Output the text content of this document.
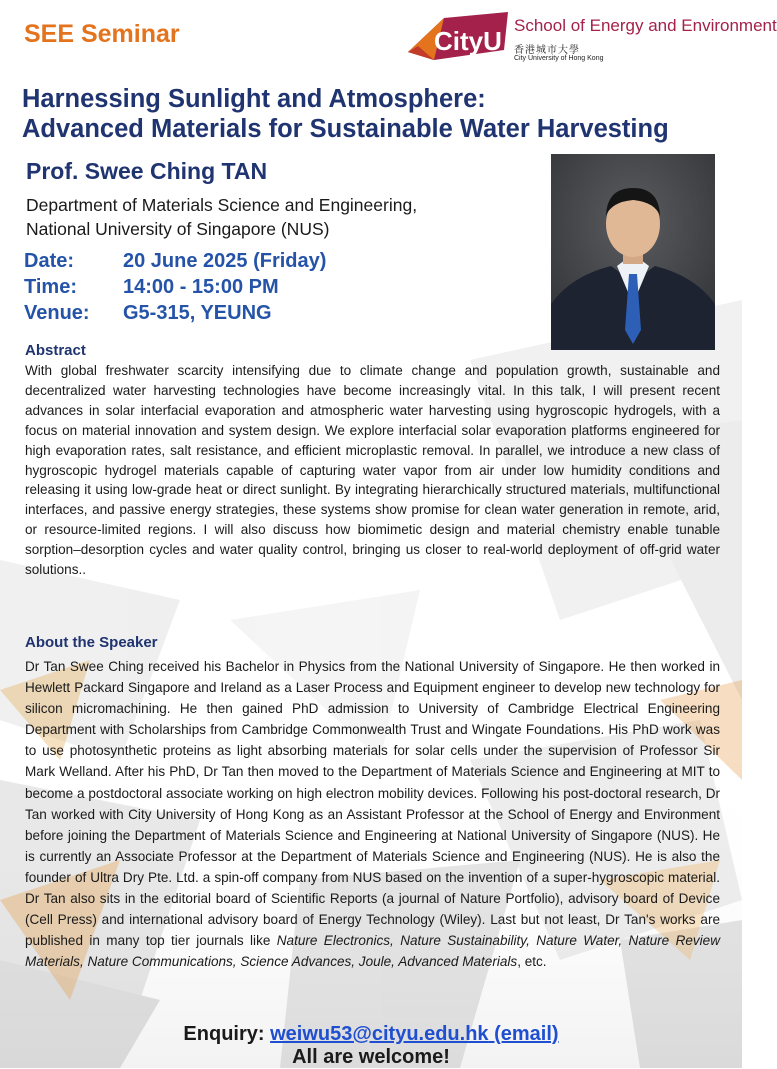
SEE Seminar	CityU
School of Energy and Environment
香港城市大學
City University of Hong Kong
Harnessing Sunlight and Atmosphere:
Advanced Materials for Sustainable Water Harvesting
Prof. Swee Ching TAN
Department of Materials Science and Engineering,
National University of Singapore (NUS)
Date: 20 June 2025 (Friday)
Time: 14:00 - 15:00 PM
Venue: G5-315, YEUNG
Abstract
With global freshwater scarcity intensifying due to climate change and population growth, sustainable and decentralized water harvesting technologies have become increasingly vital. In this talk, I will present recent advances in solar interfacial evaporation and atmospheric water harvesting using hygroscopic hydrogels, with a focus on material innovation and system design. We explore interfacial solar evaporation platforms engineered for high evaporation rates, salt resistance, and efficient microplastic removal. In parallel, we introduce a new class of hygroscopic hydrogel materials capable of capturing water vapor from air under low humidity conditions and releasing it using low-grade heat or direct sunlight. By integrating hierarchically structured materials, multifunctional interfaces, and passive energy strategies, these systems show promise for clean water generation in remote, arid, or resource-limited regions. I will also discuss how biomimetic design and material chemistry enable tunable sorption–desorption cycles and water quality control, bringing us closer to real-world deployment of off-grid water solutions..
About the Speaker
Dr Tan Swee Ching received his Bachelor in Physics from the National University of Singapore. He then worked in Hewlett Packard Singapore and Ireland as a Laser Process and Equipment engineer to develop new technology for silicon micromachining. He then gained PhD admission to University of Cambridge Electrical Engineering Department with Scholarships from Cambridge Commonwealth Trust and Wingate Foundations. His PhD work was to use photosynthetic proteins as light absorbing materials for solar cells under the supervision of Professor Sir Mark Welland. After his PhD, Dr Tan then moved to the Department of Materials Science and Engineering at MIT to become a postdoctoral associate working on high electron mobility devices. Following his post-doctoral research, Dr Tan worked with City University of Hong Kong as an Assistant Professor at the School of Energy and Environment before joining the Department of Materials Science and Engineering at National University of Singapore (NUS). He is currently an Associate Professor at the Department of Materials Science and Engineering (NUS). He is also the founder of Ultra Dry Pte. Ltd. a spin-off company from NUS based on the invention of a super-hygroscopic material. Dr Tan also sits in the editorial board of Scientific Reports (a journal of Nature Portfolio), advisory board of Device (Cell Press) and international advisory board of Energy Technology (Wiley). Last but not least, Dr Tan's works are published in many top tier journals like Nature Electronics, Nature Sustainability, Nature Water, Nature Review Materials, Nature Communications, Science Advances, Joule, Advanced Materials, etc.
Enquiry: weiwu53@cityu.edu.hk (email)
All are welcome!
